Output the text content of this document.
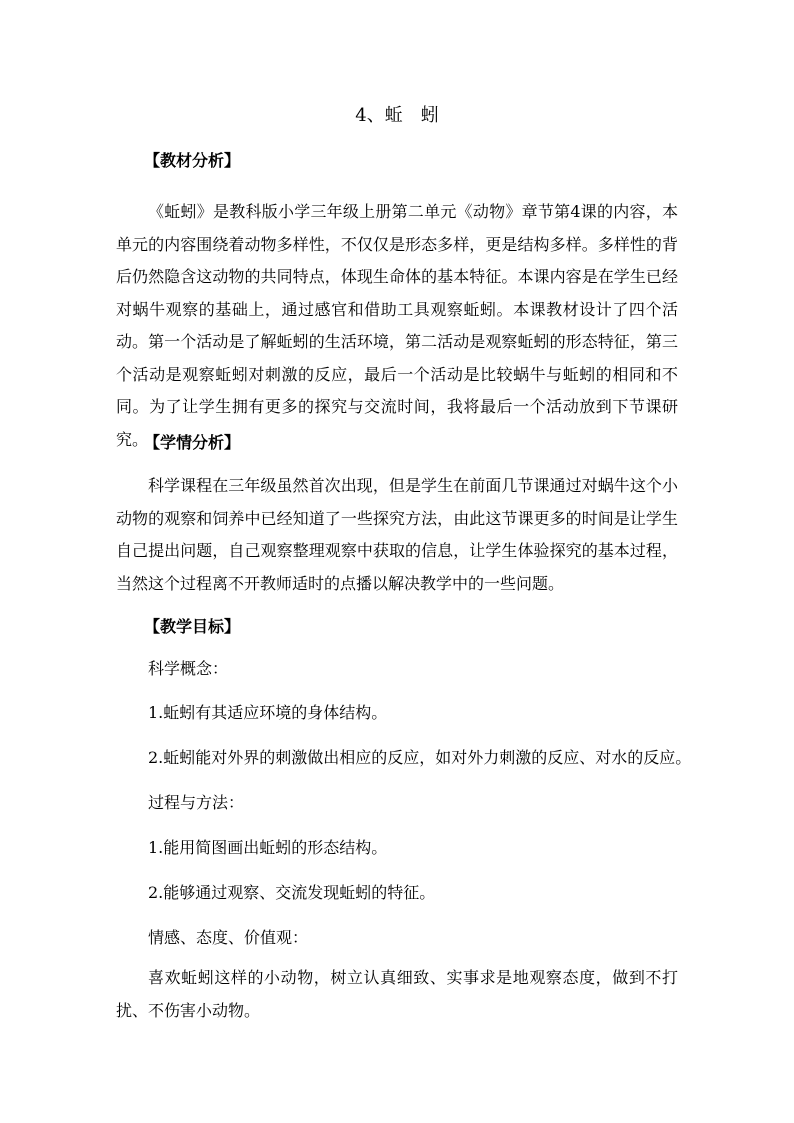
4、蚯　蚓
【教材分析】

《蚯蚓》是教科版小学三年级上册第二单元《动物》章节第4课的内容，本单元的内容围绕着动物多样性，不仅仅是形态多样，更是结构多样。多样性的背后仍然隐含这动物的共同特点，体现生命体的基本特征。本课内容是在学生已经对蜗牛观察的基础上，通过感官和借助工具观察蚯蚓。本课教材设计了四个活动。第一个活动是了解蚯蚓的生活环境，第二活动是观察蚯蚓的形态特征，第三个活动是观察蚯蚓对刺激的反应，最后一个活动是比较蜗牛与蚯蚓的相同和不同。为了让学生拥有更多的探究与交流时间，我将最后一个活动放到下节课研究。

【学情分析】

科学课程在三年级虽然首次出现，但是学生在前面几节课通过对蜗牛这个小动物的观察和饲养中已经知道了一些探究方法，由此这节课更多的时间是让学生自己提出问题，自己观察整理观察中获取的信息，让学生体验探究的基本过程，当然这个过程离不开教师适时的点播以解决教学中的一些问题。

【教学目标】
科学概念：
1.蚯蚓有其适应环境的身体结构。
2.蚯蚓能对外界的刺激做出相应的反应，如对外力刺激的反应、对水的反应。
过程与方法：
1.能用简图画出蚯蚓的形态结构。
2.能够通过观察、交流发现蚯蚓的特征。
情感、态度、价值观：

喜欢蚯蚓这样的小动物，树立认真细致、实事求是地观察态度，做到不打扰、不伤害小动物。
